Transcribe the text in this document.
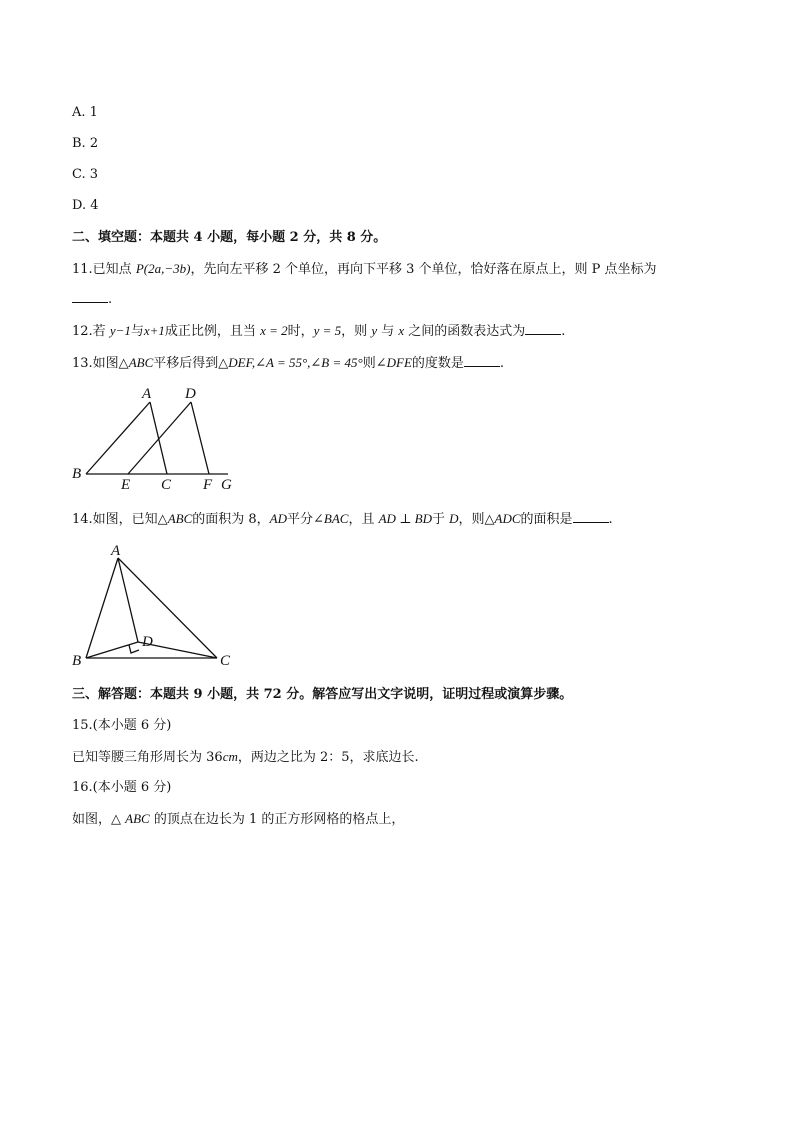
A. 1
B. 2
C. 3
D. 4
二、填空题：本题共 4 小题，每小题 2 分，共 8 分。
11.已知点 P(2a,−3b)，先向左平移 2 个单位，再向下平移 3 个单位，恰好落在原点上，则 P 点坐标为
.
12.若 y−1与x+1成正比例，且当 x = 2时，y = 5，则 y 与 x 之间的函数表达式为	.
13.如图△ABC平移后得到△DEF,∠A = 55°,∠B = 45°则∠DFE的度数是	.
A D
B
E C F G
14.如图，已知△ABC的面积为 8，AD平分∠BAC，且 AD ⊥ BD于 D，则△ADC的面积是	.
A
D
B	C
三、解答题：本题共 9 小题，共 72 分。解答应写出文字说明，证明过程或演算步骤。
15.(本小题 6 分)
已知等腰三角形周长为 36cm，两边之比为 2：5，求底边长.
16.(本小题 6 分)
如图，△ ABC 的顶点在边长为 1 的正方形网格的格点上，
